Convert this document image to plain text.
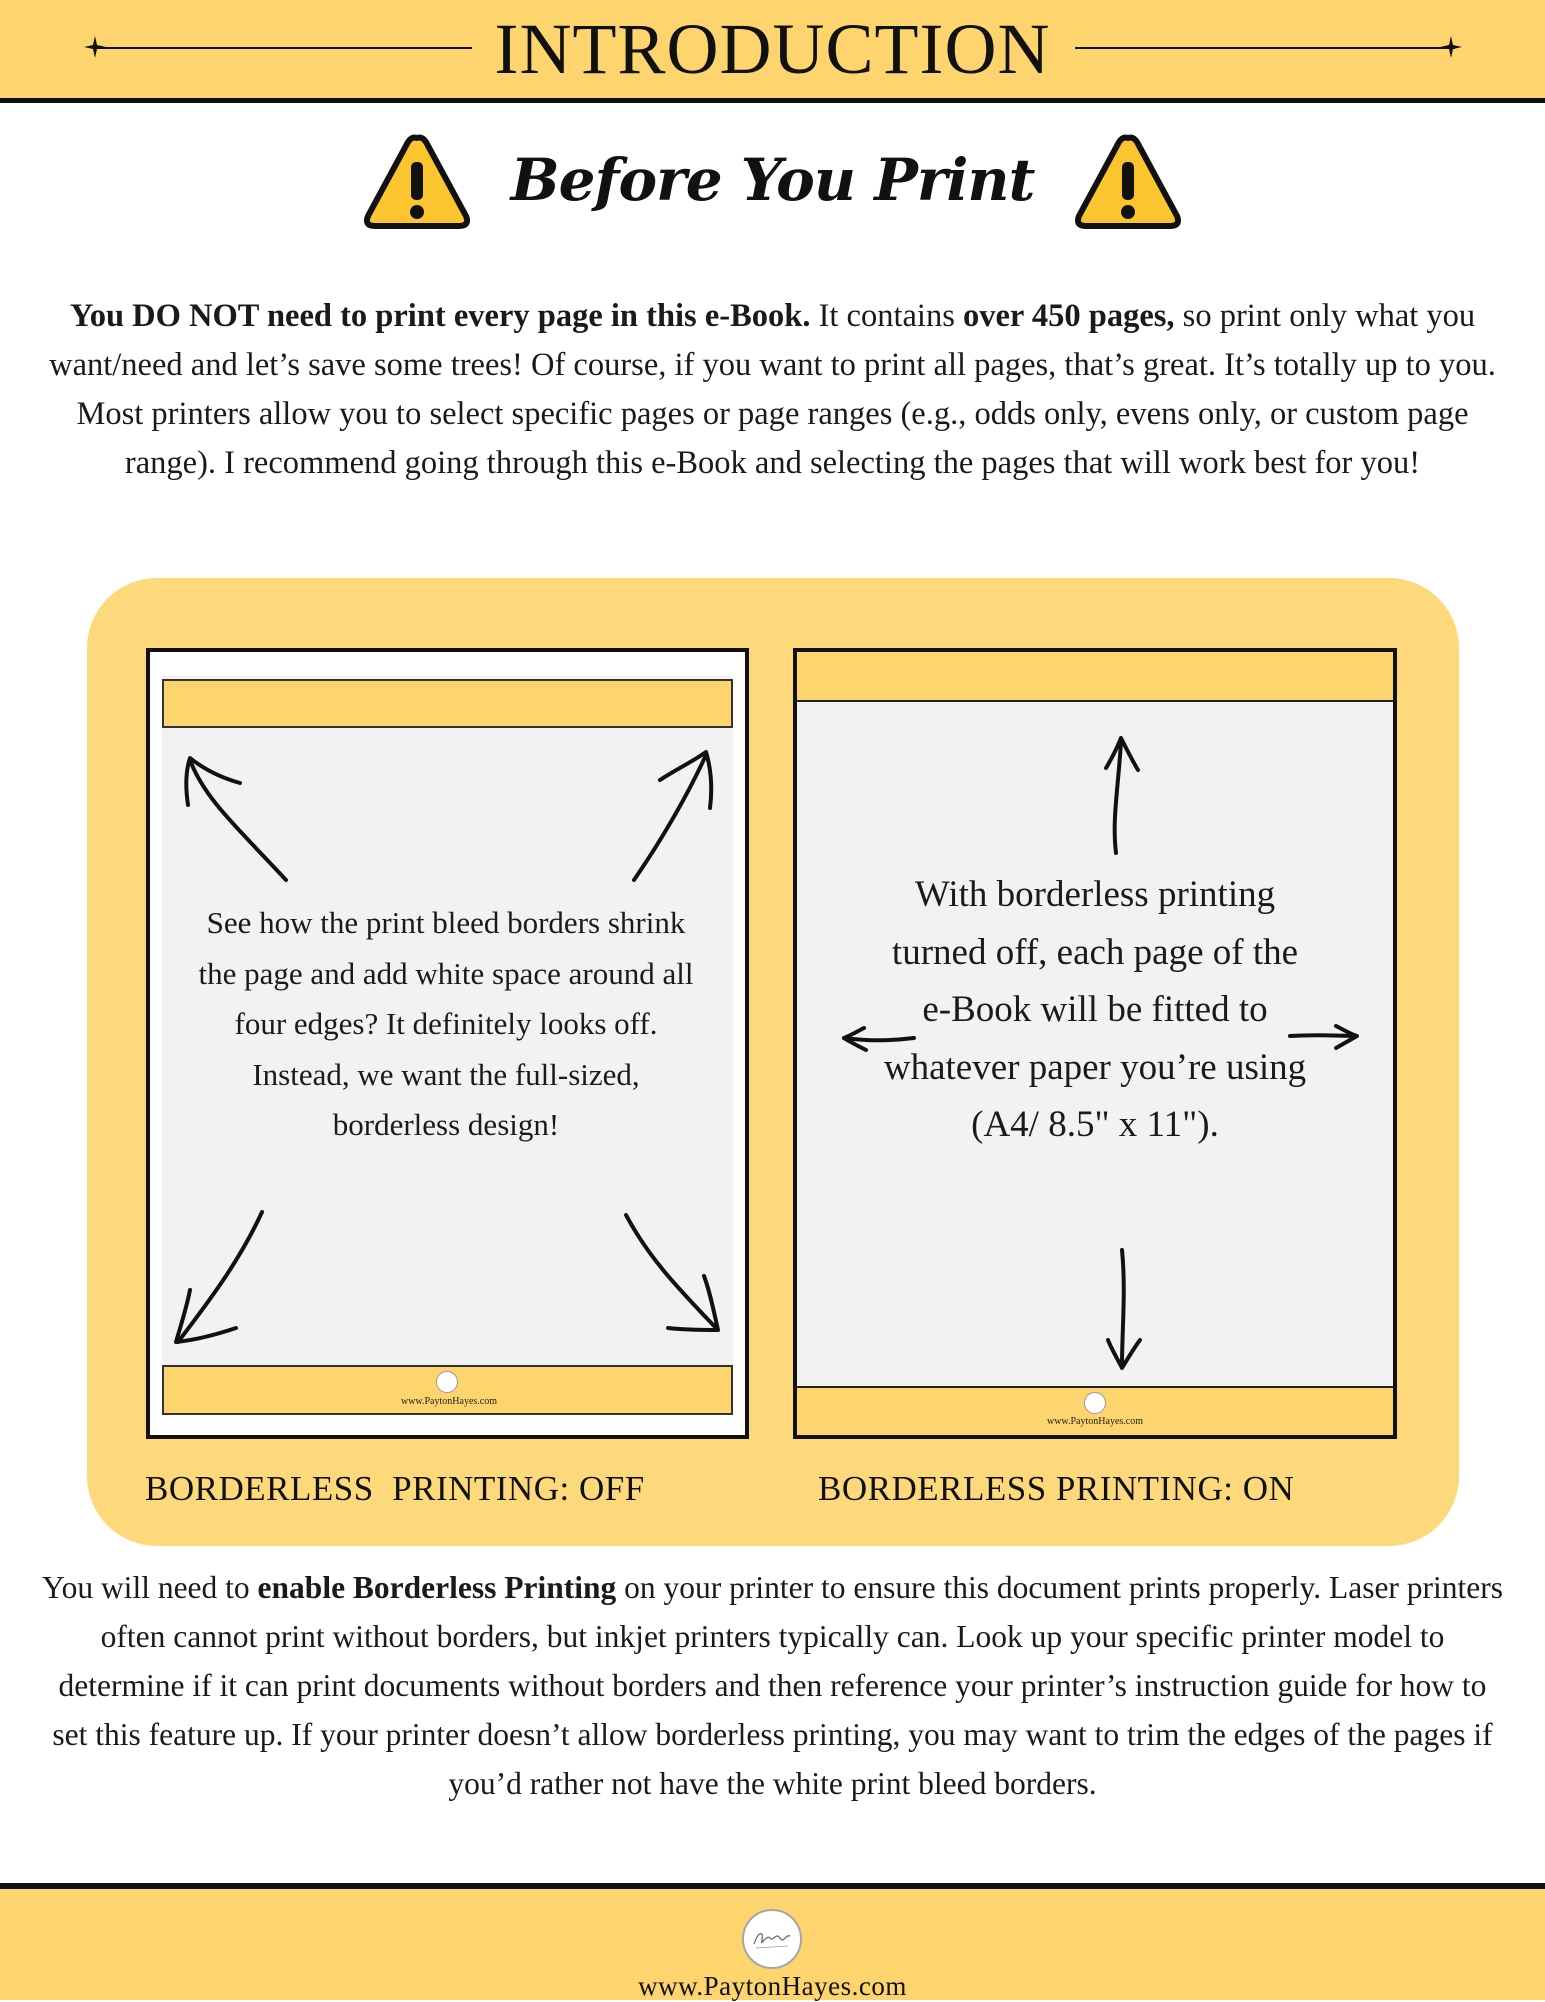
INTRODUCTION
Before You Print
You DO NOT need to print every page in this e-Book. It contains over 450 pages, so print only what you want/need and let’s save some trees! Of course, if you want to print all pages, that’s great. It’s totally up to you. Most printers allow you to select specific pages or page ranges (e.g., odds only, evens only, or custom page range). I recommend going through this e-Book and selecting the pages that will work best for you!
www.PaytonHayes.com
www.PaytonHayes.com
See how the print bleed borders shrink the page and add white space around all four edges? It definitely looks off. Instead, we want the full-sized, borderless design!
With borderless printing turned off, each page of the e-Book will be fitted to whatever paper you’re using (A4/ 8.5" x 11").
BORDERLESS  PRINTING: OFF	BORDERLESS PRINTING: ON
You will need to enable Borderless Printing on your printer to ensure this document prints properly. Laser printers often cannot print without borders, but inkjet printers typically can. Look up your specific printer model to determine if it can print documents without borders and then reference your printer’s instruction guide for how to set this feature up. If your printer doesn’t allow borderless printing, you may want to trim the edges of the pages if you’d rather not have the white print bleed borders.
www.PaytonHayes.com
